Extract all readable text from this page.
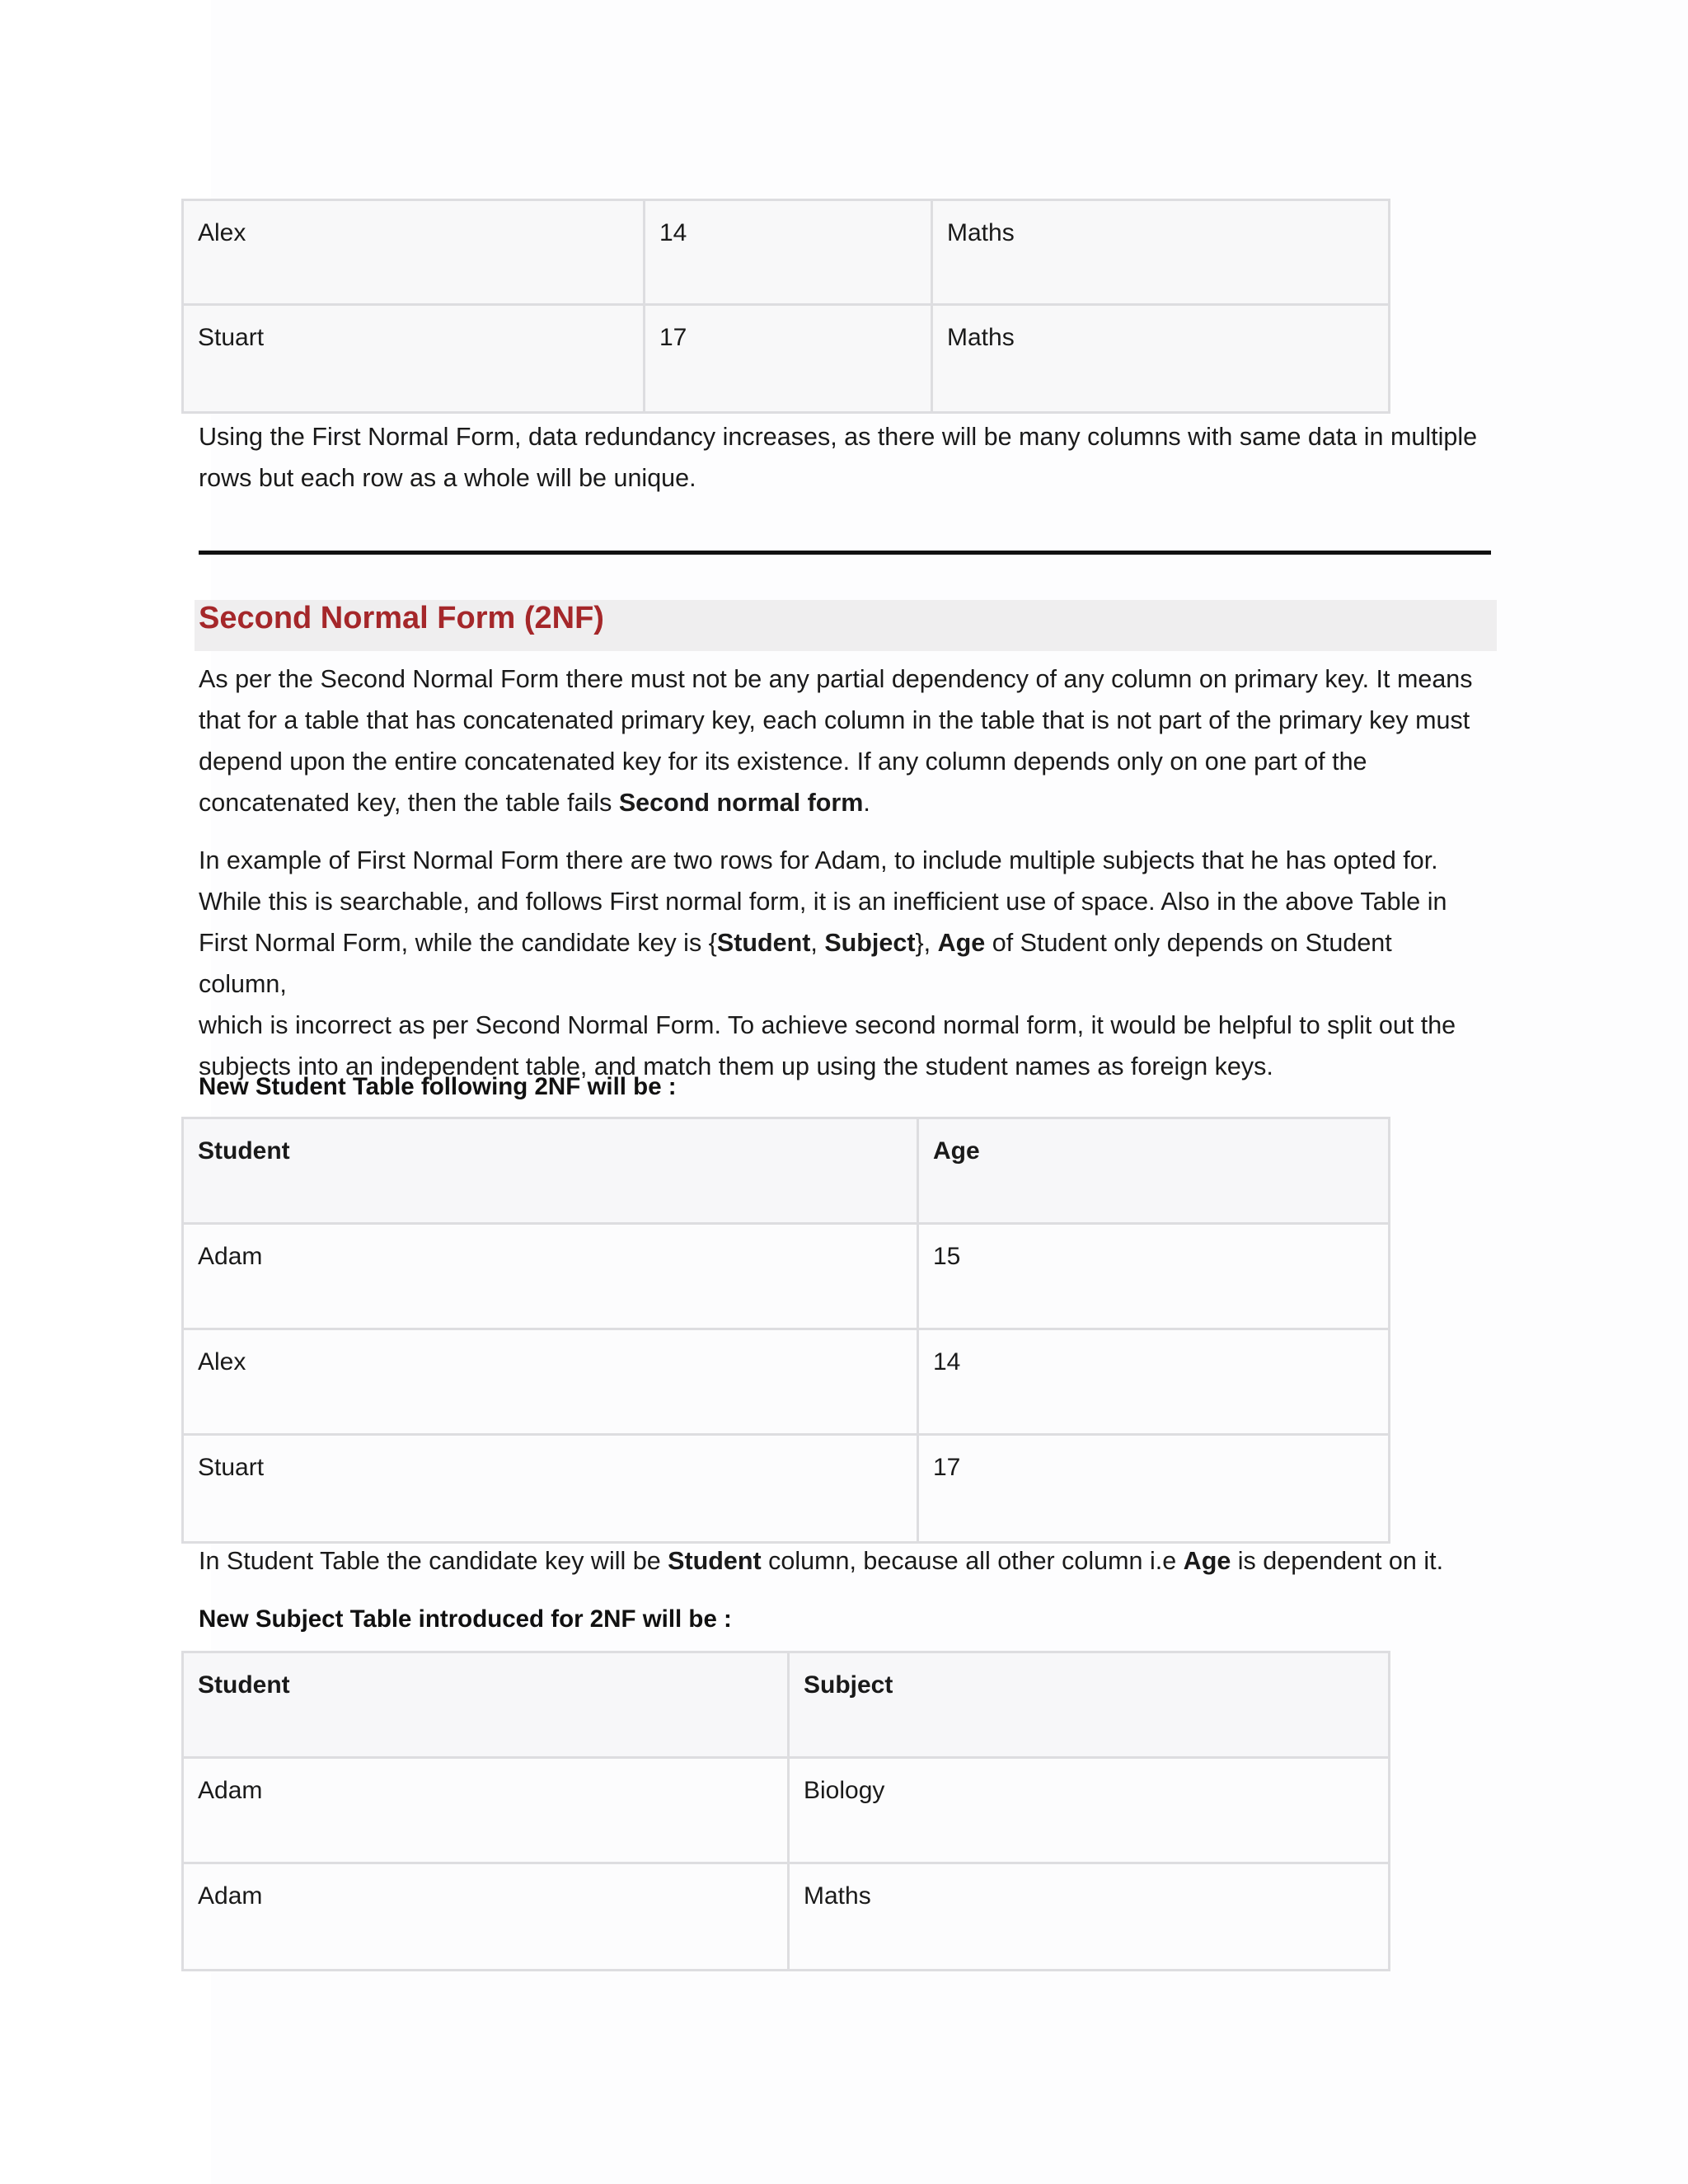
Alex	14	Maths
Stuart	17	Maths
Using the First Normal Form, data redundancy increases, as there will be many columns with same data in multiple
rows but each row as a whole will be unique.
Second Normal Form (2NF)
As per the Second Normal Form there must not be any partial dependency of any column on primary key. It means
that for a table that has concatenated primary key, each column in the table that is not part of the primary key must
depend upon the entire concatenated key for its existence. If any column depends only on one part of the
concatenated key, then the table fails Second normal form.
In example of First Normal Form there are two rows for Adam, to include multiple subjects that he has opted for.
While this is searchable, and follows First normal form, it is an inefficient use of space. Also in the above Table in
First Normal Form, while the candidate key is {Student, Subject}, Age of Student only depends on Student column,
which is incorrect as per Second Normal Form. To achieve second normal form, it would be helpful to split out the
subjects into an independent table, and match them up using the student names as foreign keys.
New Student Table following 2NF will be :
Student	Age
Adam	15
Alex	14
Stuart	17
In Student Table the candidate key will be Student column, because all other column i.e Age is dependent on it.
New Subject Table introduced for 2NF will be :
Student	Subject
Adam	Biology
Adam	Maths
